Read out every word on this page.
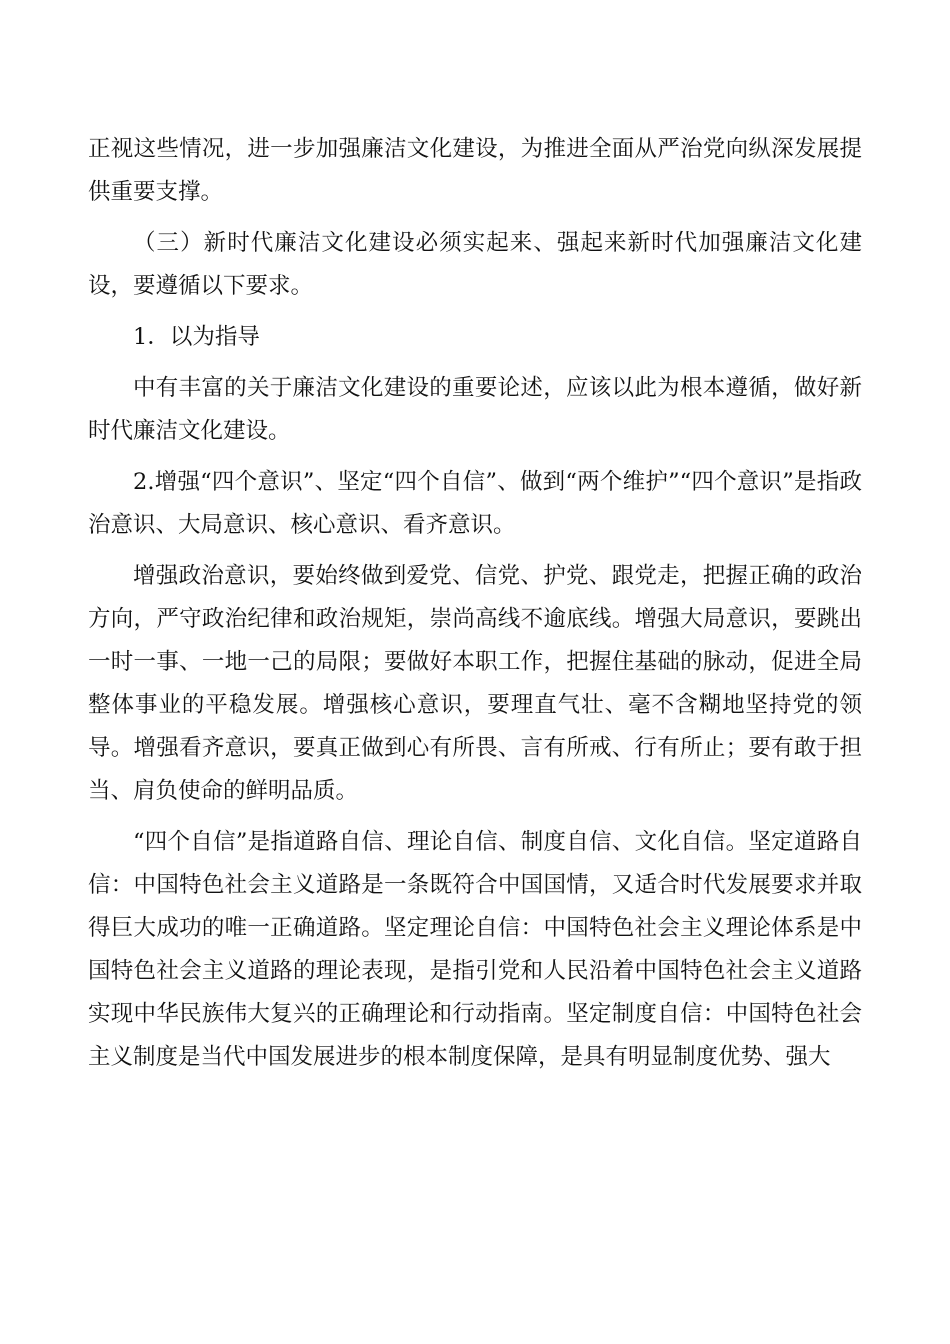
正视这些情况，进一步加强廉洁文化建设，为推进全面从严治党向纵深发展提供重要支撑。

（三）新时代廉洁文化建设必须实起来、强起来新时代加强廉洁文化建设，要遵循以下要求。

1．以为指导

中有丰富的关于廉洁文化建设的重要论述，应该以此为根本遵循，做好新时代廉洁文化建设。

2.增强“四个意识”、坚定“四个自信”、做到“两个维护”“四个意识”是指政治意识、大局意识、核心意识、看齐意识。

增强政治意识，要始终做到爱党、信党、护党、跟党走，把握正确的政治方向，严守政治纪律和政治规矩，崇尚高线不逾底线。增强大局意识，要跳出一时一事、一地一己的局限；要做好本职工作，把握住基础的脉动，促进全局整体事业的平稳发展。增强核心意识，要理直气壮、毫不含糊地坚持党的领导。增强看齐意识，要真正做到心有所畏、言有所戒、行有所止；要有敢于担当、肩负使命的鲜明品质。

“四个自信”是指道路自信、理论自信、制度自信、文化自信。坚定道路自信：中国特色社会主义道路是一条既符合中国国情，又适合时代发展要求并取得巨大成功的唯一正确道路。坚定理论自信：中国特色社会主义理论体系是中国特色社会主义道路的理论表现，是指引党和人民沿着中国特色社会主义道路实现中华民族伟大复兴的正确理论和行动指南。坚定制度自信：中国特色社会主义制度是当代中国发展进步的根本制度保障，是具有明显制度优势、强大
